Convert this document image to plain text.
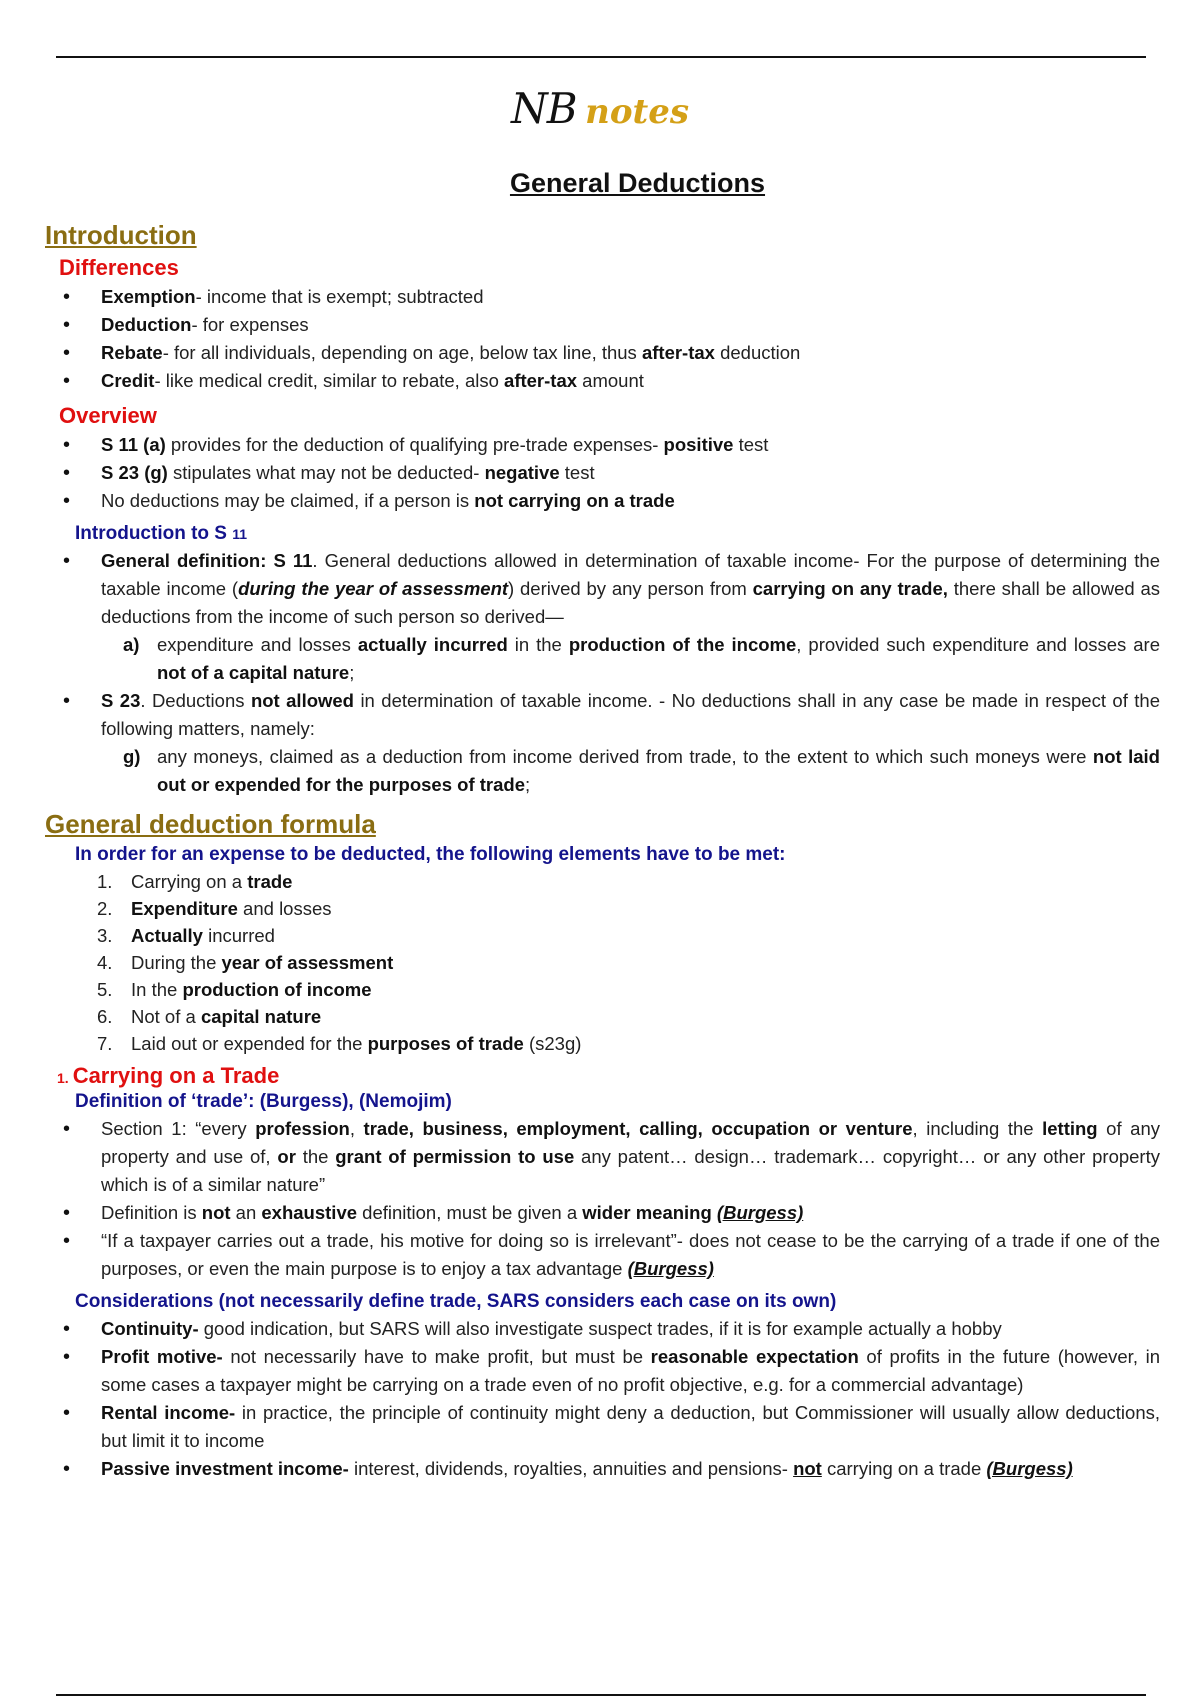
NB notes
General Deductions
Introduction
Differences
• Exemption- income that is exempt; subtracted
• Deduction- for expenses
• Rebate- for all individuals, depending on age, below tax line, thus after-tax deduction
• Credit- like medical credit, similar to rebate, also after-tax amount
Overview
• S 11 (a) provides for the deduction of qualifying pre-trade expenses- positive test
• S 23 (g) stipulates what may not be deducted- negative test
• No deductions may be claimed, if a person is not carrying on a trade
Introduction to S 11
• General definition: S 11. General deductions allowed in determination of taxable income- For the purpose of determining the taxable income (during the year of assessment) derived by any person from carrying on any trade, there shall be allowed as deductions from the income of such person so derived—
a) expenditure and losses actually incurred in the production of the income, provided such expenditure and losses are not of a capital nature;
• S 23. Deductions not allowed in determination of taxable income. - No deductions shall in any case be made in respect of the following matters, namely:
g) any moneys, claimed as a deduction from income derived from trade, to the extent to which such moneys were not laid out or expended for the purposes of trade;
General deduction formula
In order for an expense to be deducted, the following elements have to be met:
1. Carrying on a trade
2. Expenditure and losses
3. Actually incurred
4. During the year of assessment
5. In the production of income
6. Not of a capital nature
7. Laid out or expended for the purposes of trade (s23g)
1. Carrying on a Trade
Definition of ‘trade’: (Burgess), (Nemojim)
• Section 1: “every profession, trade, business, employment, calling, occupation or venture, including the letting of any property and use of, or the grant of permission to use any patent… design… trademark… copyright… or any other property which is of a similar nature”
• Definition is not an exhaustive definition, must be given a wider meaning (Burgess)
• “If a taxpayer carries out a trade, his motive for doing so is irrelevant”- does not cease to be the carrying of a trade if one of the purposes, or even the main purpose is to enjoy a tax advantage (Burgess)
Considerations (not necessarily define trade, SARS considers each case on its own)
• Continuity- good indication, but SARS will also investigate suspect trades, if it is for example actually a hobby
• Profit motive- not necessarily have to make profit, but must be reasonable expectation of profits in the future (however, in some cases a taxpayer might be carrying on a trade even of no profit objective, e.g. for a commercial advantage)
• Rental income- in practice, the principle of continuity might deny a deduction, but Commissioner will usually allow deductions, but limit it to income
• Passive investment income- interest, dividends, royalties, annuities and pensions- not carrying on a trade (Burgess)
